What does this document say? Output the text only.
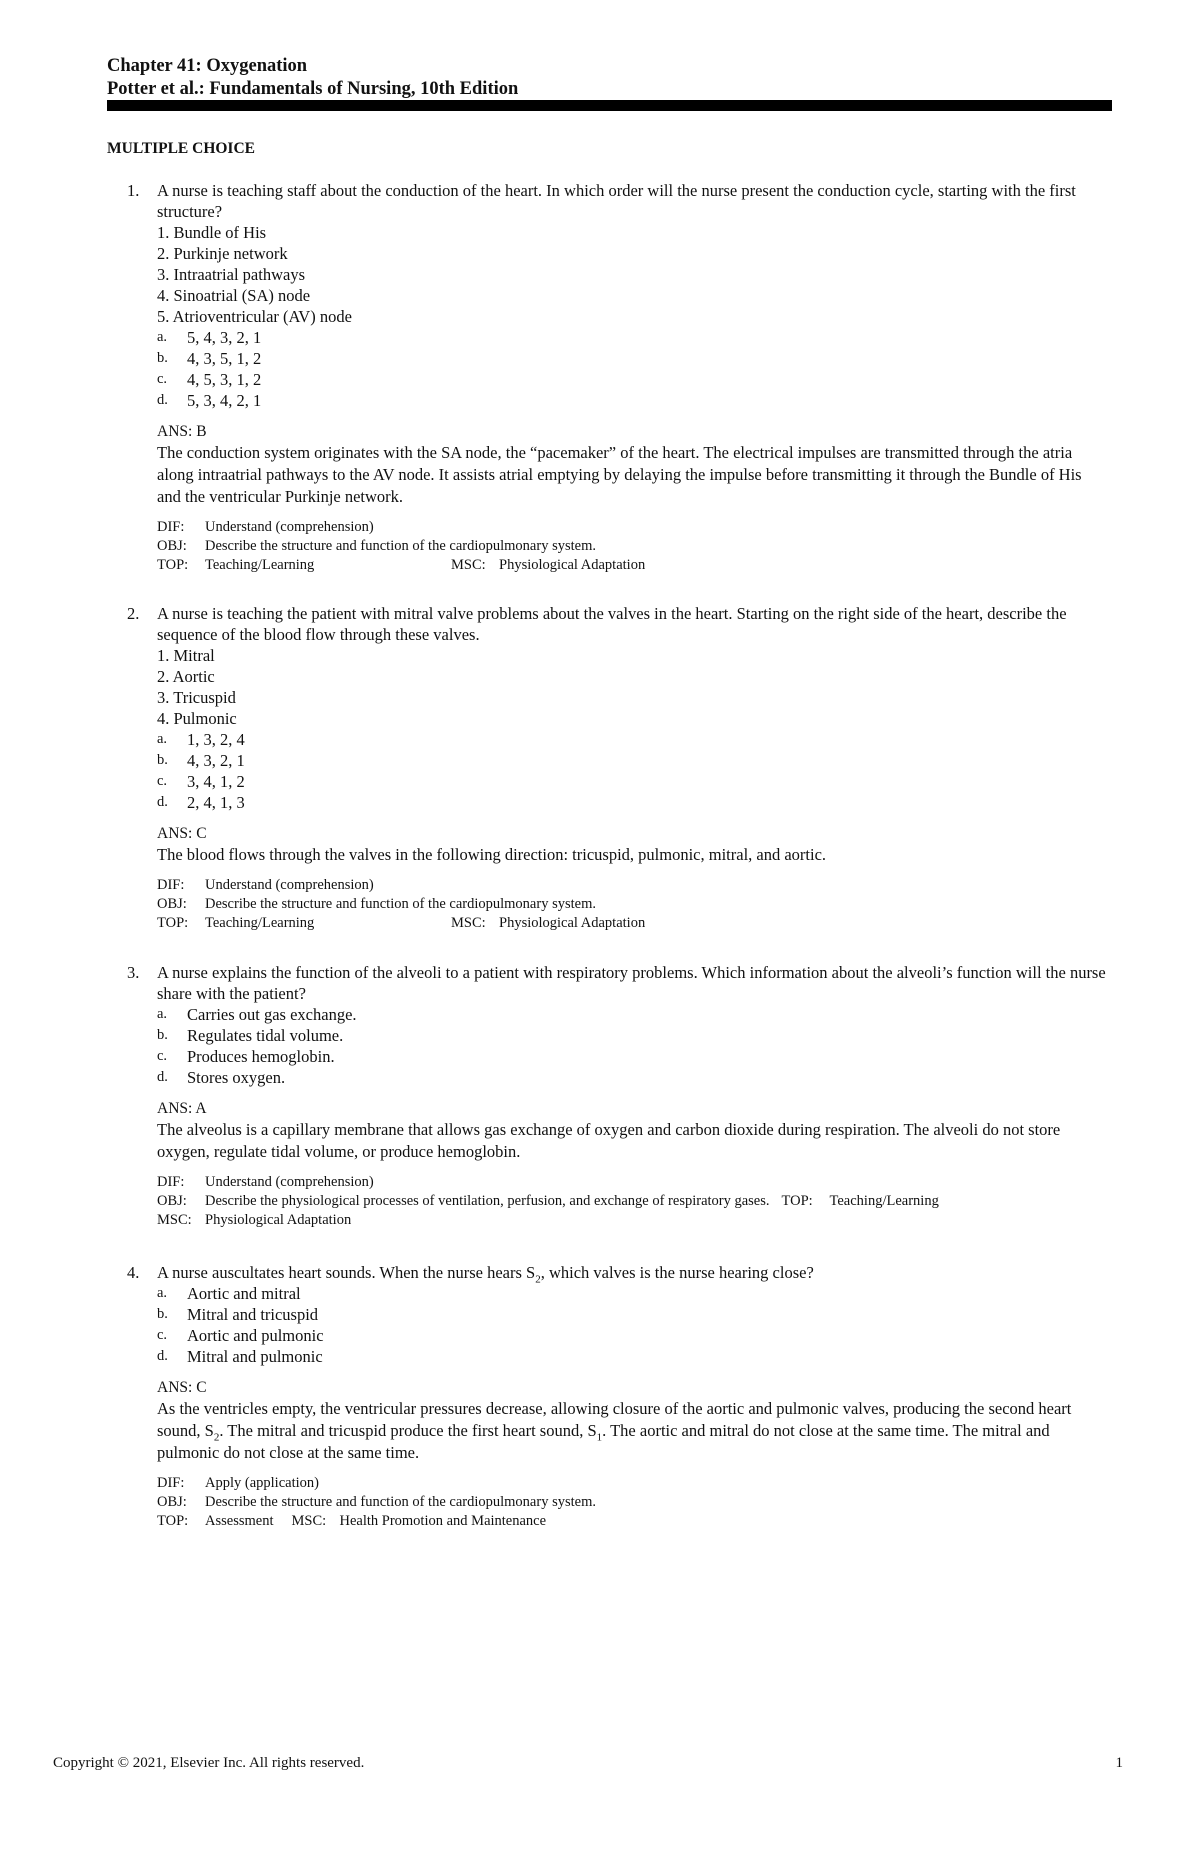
Chapter 41: Oxygenation
Potter et al.: Fundamentals of Nursing, 10th Edition
MULTIPLE CHOICE
1. A nurse is teaching staff about the conduction of the heart. In which order will the nurse present the conduction cycle, starting with the first structure?
1. Bundle of His
2. Purkinje network
3. Intraatrial pathways
4. Sinoatrial (SA) node
5. Atrioventricular (AV) node
a.	5, 4, 3, 2, 1
b.	4, 3, 5, 1, 2
c.	4, 5, 3, 1, 2
d.	5, 3, 4, 2, 1
ANS: B
The conduction system originates with the SA node, the “pacemaker” of the heart. The electrical impulses are transmitted through the atria along intraatrial pathways to the AV node. It assists atrial emptying by delaying the impulse before transmitting it through the Bundle of His and the ventricular Purkinje network.
DIF:	Understand (comprehension)
OBJ:	Describe the structure and function of the cardiopulmonary system.
TOP:	Teaching/Learning	MSC: Physiological Adaptation
2. A nurse is teaching the patient with mitral valve problems about the valves in the heart. Starting on the right side of the heart, describe the sequence of the blood flow through these valves.
1. Mitral
2. Aortic
3. Tricuspid
4. Pulmonic
a.	1, 3, 2, 4
b.	4, 3, 2, 1
c.	3, 4, 1, 2
d.	2, 4, 1, 3
ANS: C
The blood flows through the valves in the following direction: tricuspid, pulmonic, mitral, and aortic.
DIF:	Understand (comprehension)
OBJ:	Describe the structure and function of the cardiopulmonary system.
TOP:	Teaching/Learning	MSC: Physiological Adaptation
3. A nurse explains the function of the alveoli to a patient with respiratory problems. Which information about the alveoli’s function will the nurse share with the patient?
a.	Carries out gas exchange.
b.	Regulates tidal volume.
c.	Produces hemoglobin.
d.	Stores oxygen.
ANS: A
The alveolus is a capillary membrane that allows gas exchange of oxygen and carbon dioxide during respiration. The alveoli do not store oxygen, regulate tidal volume, or produce hemoglobin.
DIF:	Understand (comprehension)
OBJ:	Describe the physiological processes of ventilation, perfusion, and exchange of respiratory gases. TOP:	Teaching/Learning
MSC: Physiological Adaptation
4. A nurse auscultates heart sounds. When the nurse hears $S_2$, which valves is the nurse hearing close?
a.	Aortic and mitral
b.	Mitral and tricuspid
c.	Aortic and pulmonic
d.	Mitral and pulmonic
ANS: C
As the ventricles empty, the ventricular pressures decrease, allowing closure of the aortic and pulmonic valves, producing the second heart sound, $S_2$. The mitral and tricuspid produce the first heart sound, $S_1$. The aortic and mitral do not close at the same time. The mitral and pulmonic do not close at the same time.
DIF:	Apply (application)
OBJ:	Describe the structure and function of the cardiopulmonary system.
TOP:	Assessment MSC: Health Promotion and Maintenance
Copyright © 2021, Elsevier Inc. All rights reserved.	1
